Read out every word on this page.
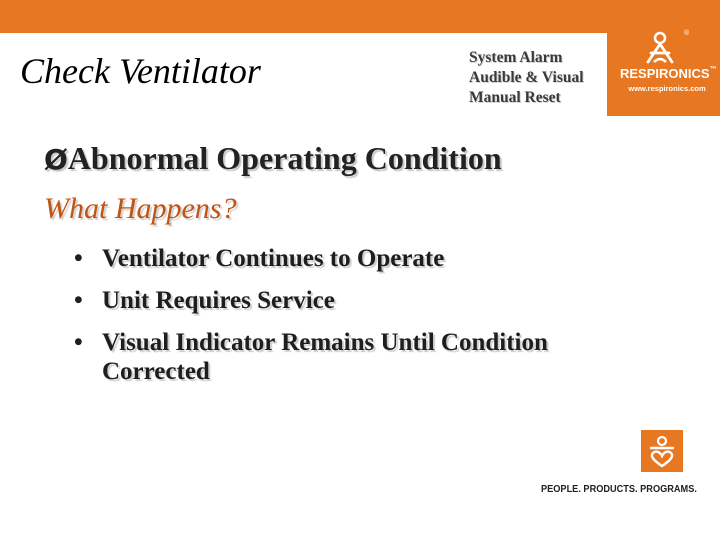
Check Ventilator	System Alarm
Audible & Visual
Manual Reset
®
RESPIRONICS™
www.respironics.com
ØAbnormal Operating Condition
What Happens?
• Ventilator Continues to Operate
• Unit Requires Service
• Visual Indicator Remains Until Condition Corrected
PEOPLE. PRODUCTS. PROGRAMS.
